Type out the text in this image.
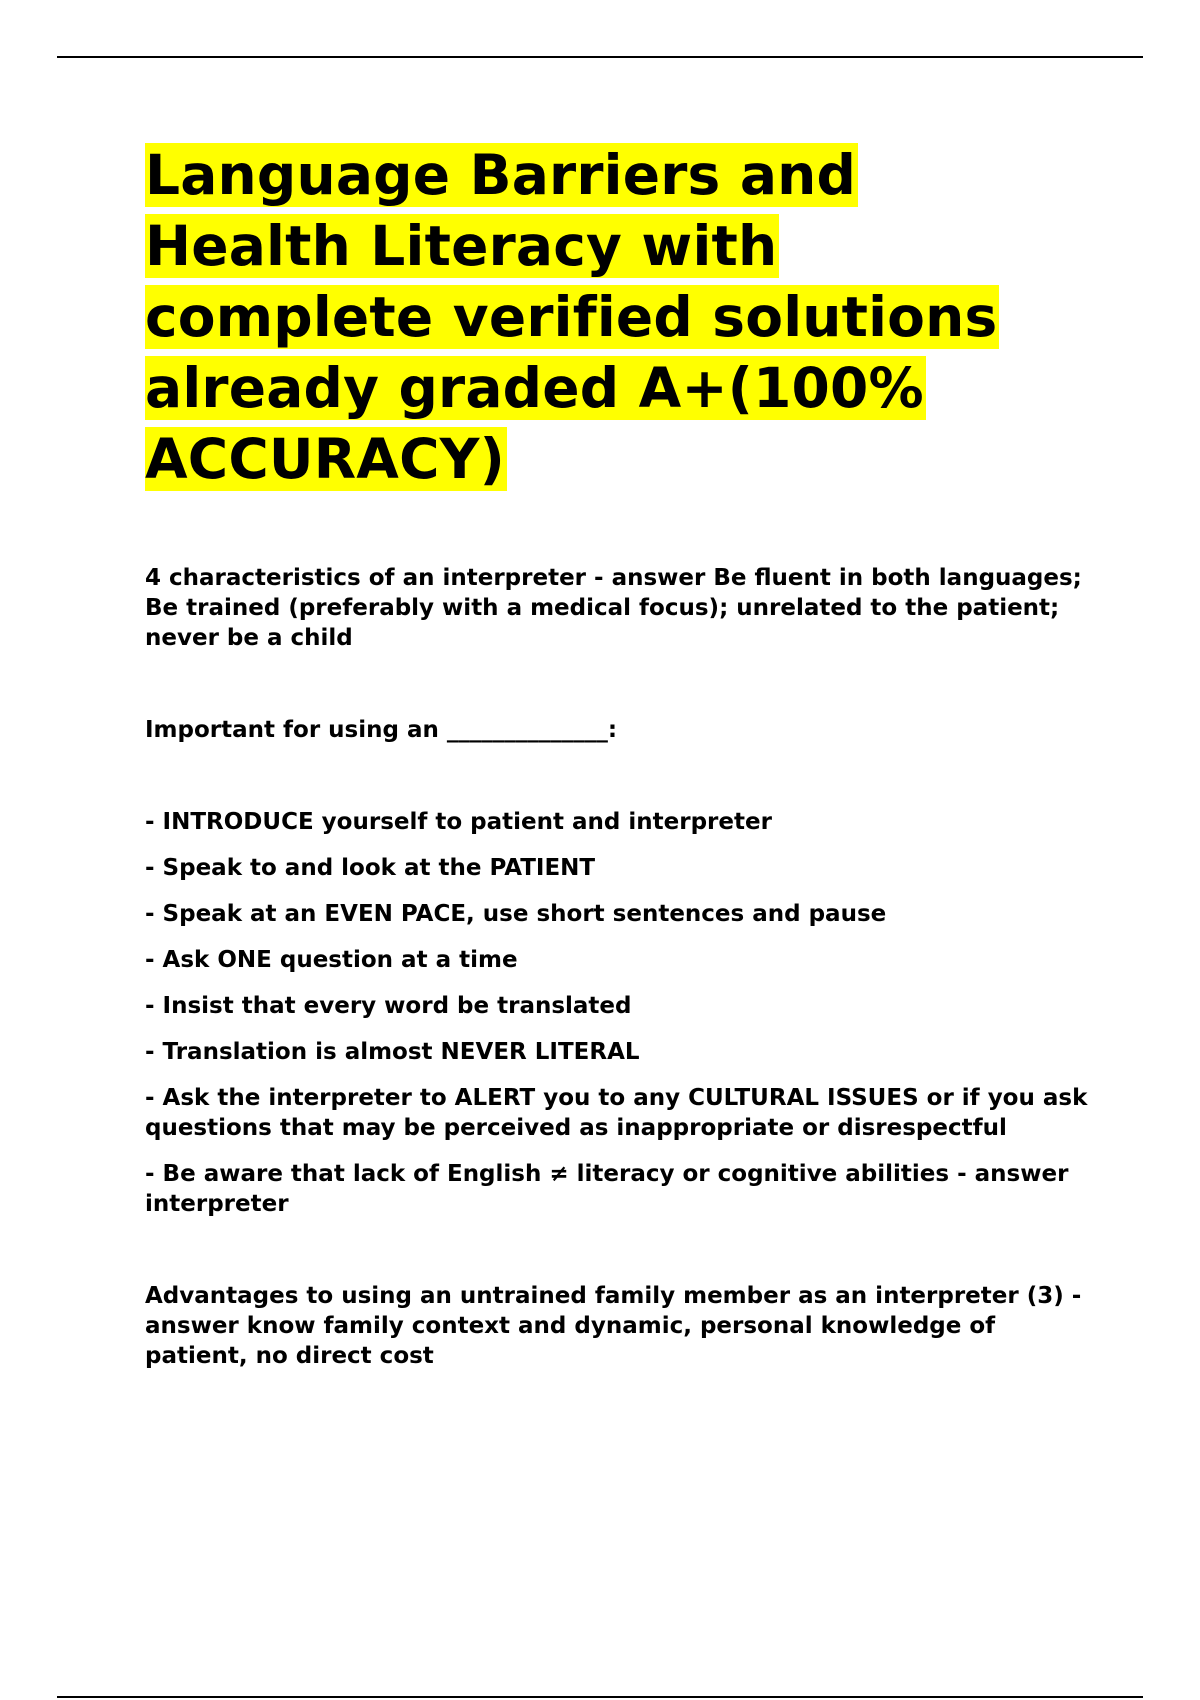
Language Barriers and
Health Literacy with
complete verified solutions
already graded A+(100%
ACCURACY)

4 characteristics of an interpreter - answer Be fluent in both languages; Be trained (preferably with a medical focus); unrelated to the patient; never be a child

Important for using an ______________:

- INTRODUCE yourself to patient and interpreter

- Speak to and look at the PATIENT

- Speak at an EVEN PACE, use short sentences and pause

- Ask ONE question at a time

- Insist that every word be translated

- Translation is almost NEVER LITERAL

- Ask the interpreter to ALERT you to any CULTURAL ISSUES or if you ask questions that may be perceived as inappropriate or disrespectful

- Be aware that lack of English ≠ literacy or cognitive abilities - answer interpreter

Advantages to using an untrained family member as an interpreter (3) - answer know family context and dynamic, personal knowledge of patient, no direct cost
